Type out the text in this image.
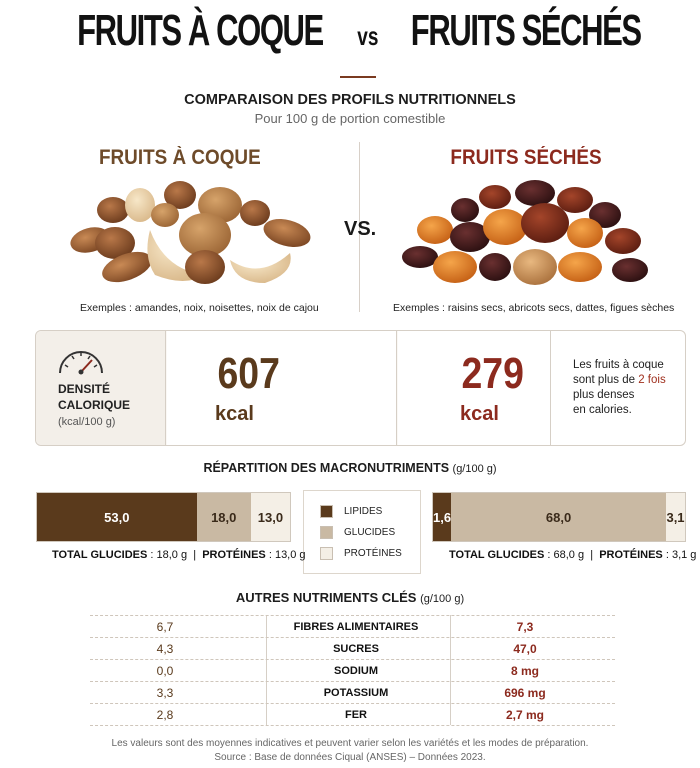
FRUITS À COQUE vs FRUITS SÉCHÉS
COMPARAISON DES PROFILS NUTRITIONNELS
Pour 100 g de portion comestible
FRUITS À COQUE	FRUITS SÉCHÉS
VS.
Exemples : amandes, noix, noisettes, noix de cajou	Exemples : raisins secs, abricots secs, dattes, figues sèches
DENSITÉ
CALORIQUE
(kcal/100 g)
607
kcal
279
kcal
Les fruits à coque
sont plus de 2 fois
plus denses
en calories.
RÉPARTITION DES MACRONUTRIMENTS (g/100 g)
53,0	18,0	13,0	LIPIDES
GLUCIDES
PROTÉINES
1,6	68,0	3,1
TOTAL GLUCIDES : 18,0 g  |  PROTÉINES : 13,0 g	TOTAL GLUCIDES : 68,0 g  |  PROTÉINES : 3,1 g
AUTRES NUTRIMENTS CLÉS (g/100 g)
6,7	FIBRES ALIMENTAIRES	7,3
4,3	SUCRES	47,0
0,0	SODIUM	8 mg
3,3	POTASSIUM	696 mg
2,8	FER	2,7 mg
Les valeurs sont des moyennes indicatives et peuvent varier selon les variétés et les modes de préparation.
Source : Base de données Ciqual (ANSES) – Données 2023.
